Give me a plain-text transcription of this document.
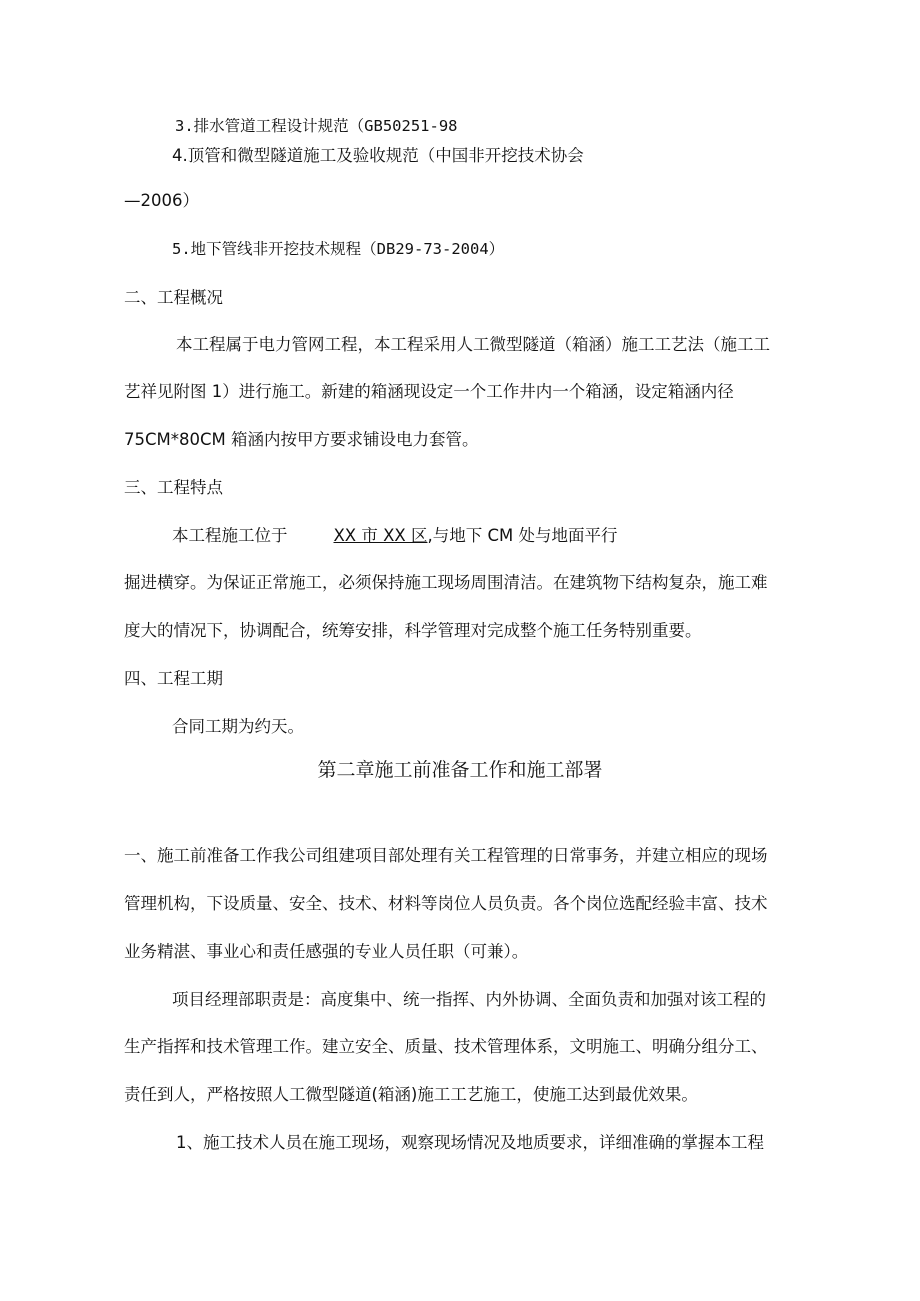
3.排水管道工程设计规范（GB50251-98
4.顶管和微型隧道施工及验收规范（中国非开挖技术协会
—2006）
5.地下管线非开挖技术规程（DB29-73-2004）
二、工程概况
本工程属于电力管网工程，本工程采用人工微型隧道（箱涵）施工工艺法（施工工
艺祥见附图 1）进行施工。新建的箱涵现设定一个工作井内一个箱涵，设定箱涵内径
75CM*80CM 箱涵内按甲方要求铺设电力套管。
三、工程特点
本工程施工位于	XX 市 XX 区,与地下 CM 处与地面平行
掘进横穿。为保证正常施工，必须保持施工现场周围清洁。在建筑物下结构复杂，施工难
度大的情况下，协调配合，统筹安排，科学管理对完成整个施工任务特别重要。
四、工程工期
合同工期为约天。
第二章施工前准备工作和施工部署
一、施工前准备工作我公司组建项目部处理有关工程管理的日常事务，并建立相应的现场
管理机构，下设质量、安全、技术、材料等岗位人员负责。各个岗位选配经验丰富、技术
业务精湛、事业心和责任感强的专业人员任职（可兼）。
项目经理部职责是：高度集中、统一指挥、内外协调、全面负责和加强对该工程的
生产指挥和技术管理工作。建立安全、质量、技术管理体系，文明施工、明确分组分工、
责任到人，严格按照人工微型隧道(箱涵)施工工艺施工，使施工达到最优效果。
1、施工技术人员在施工现场，观察现场情况及地质要求，详细准确的掌握本工程
